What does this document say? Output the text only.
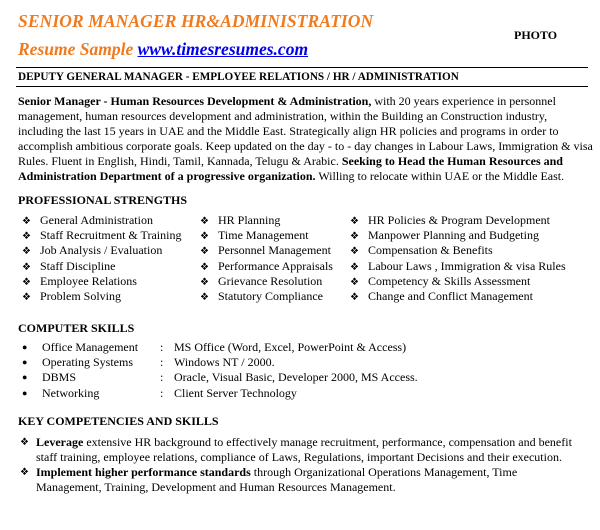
SENIOR MANAGER HR&ADMINISTRATION
Resume Sample www.timesresumes.com
PHOTO
DEPUTY GENERAL MANAGER - EMPLOYEE RELATIONS / HR / ADMINISTRATION
Senior Manager - Human Resources Development & Administration, with 20 years experience in personnel
management, human resources development and administration, within the Building an Construction industry,
including the last 15 years in UAE and the Middle East. Strategically align HR policies and programs in order to
accomplish ambitious corporate goals. Keep updated on the day - to - day changes in Labour Laws, Immigration & visa
Rules. Fluent in English, Hindi, Tamil, Kannada, Telugu & Arabic. Seeking to Head the Human Resources and
Administration Department of a progressive organization. Willing to relocate within UAE or the Middle East.
PROFESSIONAL STRENGTHS
❖ General Administration
❖ Staff Recruitment & Training
❖ Job Analysis / Evaluation
❖ Staff Discipline
❖ Employee Relations
❖ Problem Solving
❖ HR Planning
❖ Time Management
❖ Personnel Management
❖ Performance Appraisals
❖ Grievance Resolution
❖ Statutory Compliance
❖ HR Policies & Program Development
❖ Manpower Planning and Budgeting
❖ Compensation & Benefits
❖ Labour Laws , Immigration & visa Rules
❖ Competency & Skills Assessment
❖ Change and Conflict Management
COMPUTER SKILLS
● Office Management : MS Office (Word, Excel, PowerPoint & Access)
● Operating Systems : Windows NT / 2000.
● DBMS	: Oracle, Visual Basic, Developer 2000, MS Access.
● Networking	: Client Server Technology
KEY COMPETENCIES AND SKILLS
❖ Leverage extensive HR background to effectively manage recruitment, performance, compensation and benefit
staff training, employee relations, compliance of Laws, Regulations, important Decisions and their execution.
❖ Implement higher performance standards through Organizational Operations Management, Time
Management, Training, Development and Human Resources Management.
